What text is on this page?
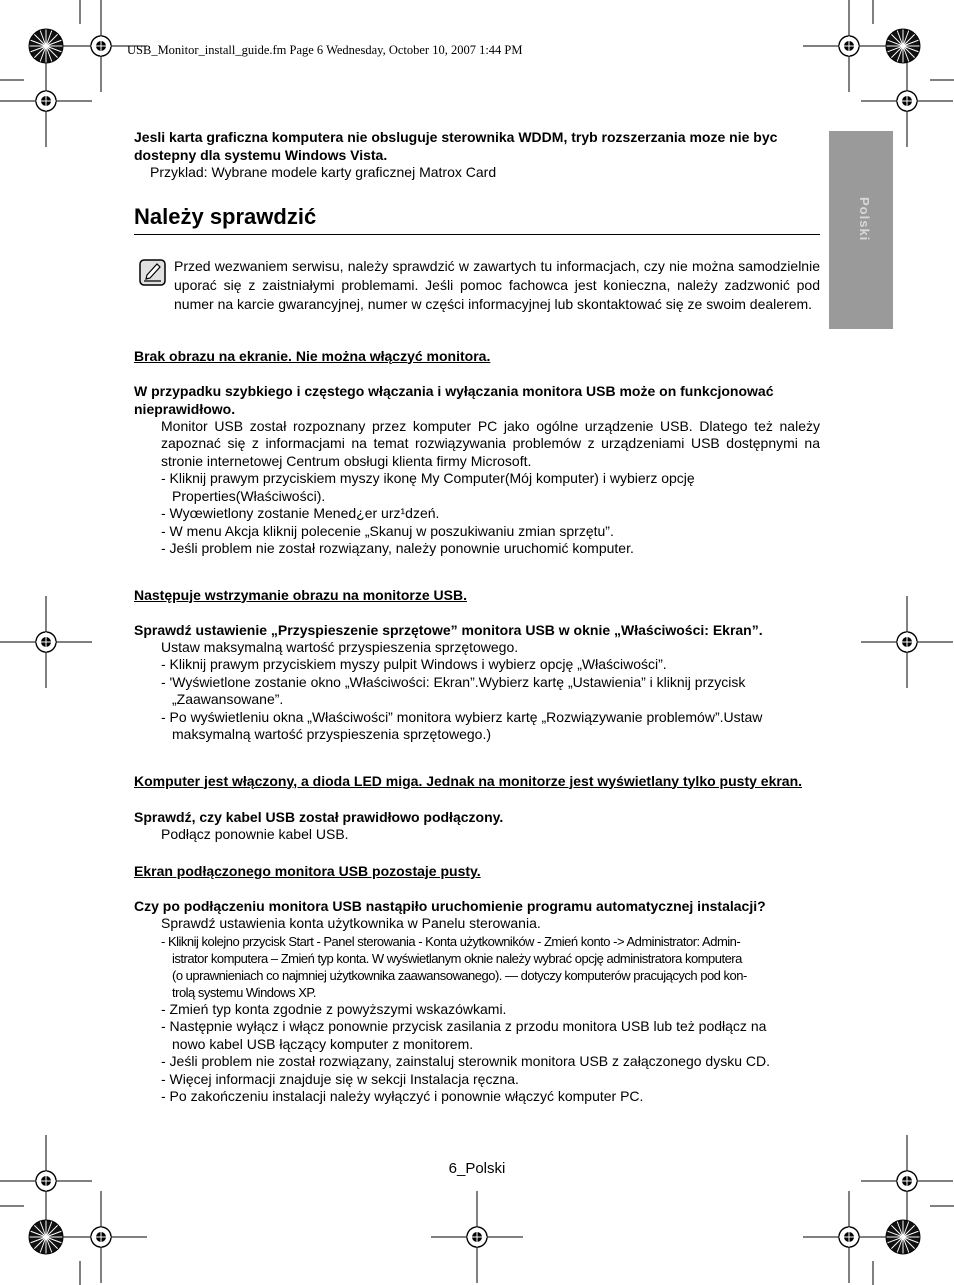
USB_Monitor_install_guide.fm Page 6 Wednesday, October 10, 2007 1:44 PM
Polski
Jesli karta graficzna komputera nie obsluguje sterownika WDDM, tryb rozszerzania moze nie byc dostepny dla systemu Windows Vista.
Przyklad: Wybrane modele karty graficznej Matrox Card
Należy sprawdzić
Przed wezwaniem serwisu, należy sprawdzić w zawartych tu informacjach, czy nie można samodzielnie uporać się z zaistniałymi problemami. Jeśli pomoc fachowca jest konieczna, należy zadzwonić pod numer na karcie gwarancyjnej, numer w części informacyjnej lub skontaktować się ze swoim dealerem.
Brak obrazu na ekranie. Nie można włączyć monitora.
W przypadku szybkiego i częstego włączania i wyłączania monitora USB może on funkcjonować nieprawidłowo.
Monitor USB został rozpoznany przez komputer PC jako ogólne urządzenie USB. Dlatego też należy zapoznać się z informacjami na temat rozwiązywania problemów z urządzeniami USB dostępnymi na stronie internetowej Centrum obsługi klienta firmy Microsoft.
- Kliknij prawym przyciskiem myszy ikonę My Computer(Mój komputer) i wybierz opcję
Properties(Właściwości).
- Wyœwietlony zostanie Mened¿er urz¹dzeń.
- W menu Akcja kliknij polecenie „Skanuj w poszukiwaniu zmian sprzętu”.
- Jeśli problem nie został rozwiązany, należy ponownie uruchomić komputer.
Następuje wstrzymanie obrazu na monitorze USB.
Sprawdź ustawienie „Przyspieszenie sprzętowe” monitora USB w oknie „Właściwości: Ekran”.
Ustaw maksymalną wartość przyspieszenia sprzętowego.
- Kliknij prawym przyciskiem myszy pulpit Windows i wybierz opcję „Właściwości”.
- 'Wyświetlone zostanie okno „Właściwości: Ekran”.Wybierz kartę „Ustawienia” i kliknij przycisk
„Zaawansowane”.
- Po wyświetleniu okna „Właściwości” monitora wybierz kartę „Rozwiązywanie problemów”.Ustaw
maksymalną wartość przyspieszenia sprzętowego.)
Komputer jest włączony, a dioda LED miga. Jednak na monitorze jest wyświetlany tylko pusty ekran.
Sprawdź, czy kabel USB został prawidłowo podłączony.
Podłącz ponownie kabel USB.
Ekran podłączonego monitora USB pozostaje pusty.
Czy po podłączeniu monitora USB nastąpiło uruchomienie programu automatycznej instalacji?
Sprawdź ustawienia konta użytkownika w Panelu sterowania.
- Kliknij kolejno przycisk Start - Panel sterowania - Konta użytkowników - Zmień konto -> Administrator: Admin-
istrator komputera – Zmień typ konta. W wyświetlanym oknie należy wybrać opcję administratora komputera
(o uprawnieniach co najmniej użytkownika zaawansowanego). — dotyczy komputerów pracujących pod kon-
trolą systemu Windows XP.
- Zmień typ konta zgodnie z powyższymi wskazówkami.
- Następnie wyłącz i włącz ponownie przycisk zasilania z przodu monitora USB lub też podłącz na
nowo kabel USB łączący komputer z monitorem.
- Jeśli problem nie został rozwiązany, zainstaluj sterownik monitora USB z załączonego dysku CD.
- Więcej informacji znajduje się w sekcji Instalacja ręczna.
- Po zakończeniu instalacji należy wyłączyć i ponownie włączyć komputer PC.
6_Polski
